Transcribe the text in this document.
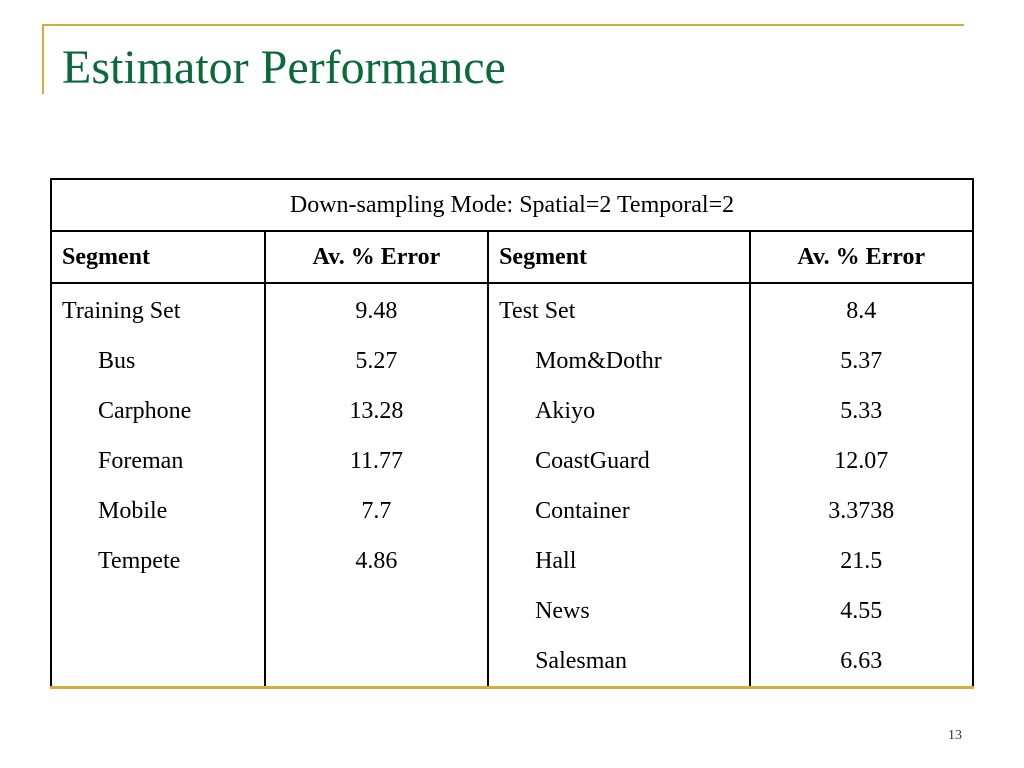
Estimator Performance
Down-sampling Mode: Spatial=2 Temporal=2			
Segment	Av. % Error	Segment	Av. % Error
Training Set	9.48	Test Set	8.4
Bus	5.27	Mom&Dothr	5.37
Carphone	13.28	Akiyo	5.33
Foreman	11.77	CoastGuard	12.07
Mobile	7.7	Container	3.3738
Tempete	4.86	Hall	21.5
		News	4.55
		Salesman	6.63
13
